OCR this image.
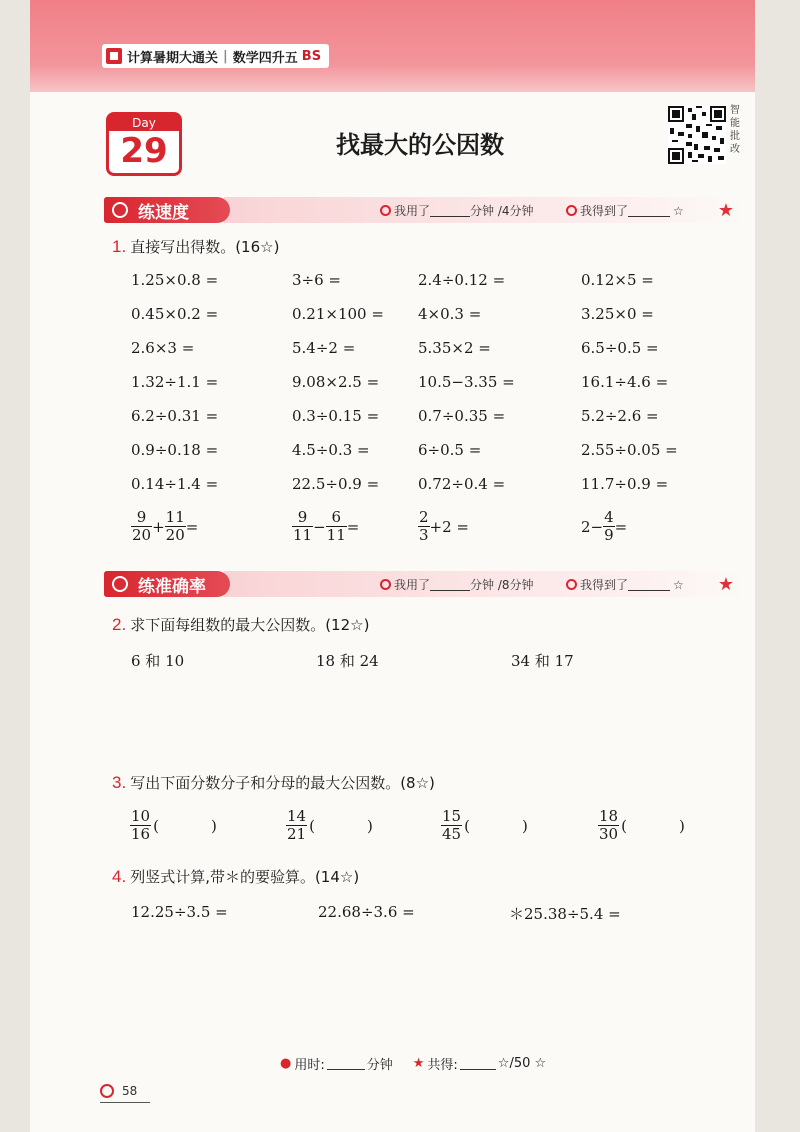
计算暑期大通关 | 数学四升五 BS
Day
29	找最大的公因数
智能批改
练速度	我用了	分钟 /4分钟	我得到了	☆ ★
1. 直接写出得数。(16☆)
1.25×0.8 =	3÷6 =	2.4÷0.12 =	0.12×5 =
0.45×0.2 =	0.21×100 = 4×0.3 =	3.25×0 =
2.6×3 =	5.4÷2 =	5.35×2 =	6.5÷0.5 =
1.32÷1.1 =	9.08×2.5 =	10.5−3.35 =	16.1÷4.6 =
6.2÷0.31 =	0.3÷0.15 =	0.7÷0.35 =	5.2÷2.6 =
0.9÷0.18 =	4.5÷0.3 =	6÷0.5 =	2.55÷0.05 =
0.14÷1.4 =	22.5÷0.9 =	0.72÷0.4 =	11.7÷0.9 =
$\frac{9}{20} + \frac{11}{20}$ =	$\frac{9}{11} - \frac{6}{11}$ =	$\frac{2}{3} +2$ =	$2- \frac{4}{9}$ =
练准确率	我用了	分钟 /8分钟	我得到了	☆ ★
2. 求下面每组数的最大公因数。(12☆)
6 和 10	18 和 24	34 和 17
3. 写出下面分数分子和分母的最大公因数。(8☆)
$\frac{10}{16}$ (	)	$\frac{14}{21}$ (	)	$\frac{15}{45}$ (	)	$\frac{18}{30}$ (	)
4. 列竖式计算,带＊的要验算。(14☆)
12.25÷3.5 =	22.68÷3.6 =	＊25.38÷5.4 =
● 用时:	分钟 ★ 共得:	☆/50 ☆
58
